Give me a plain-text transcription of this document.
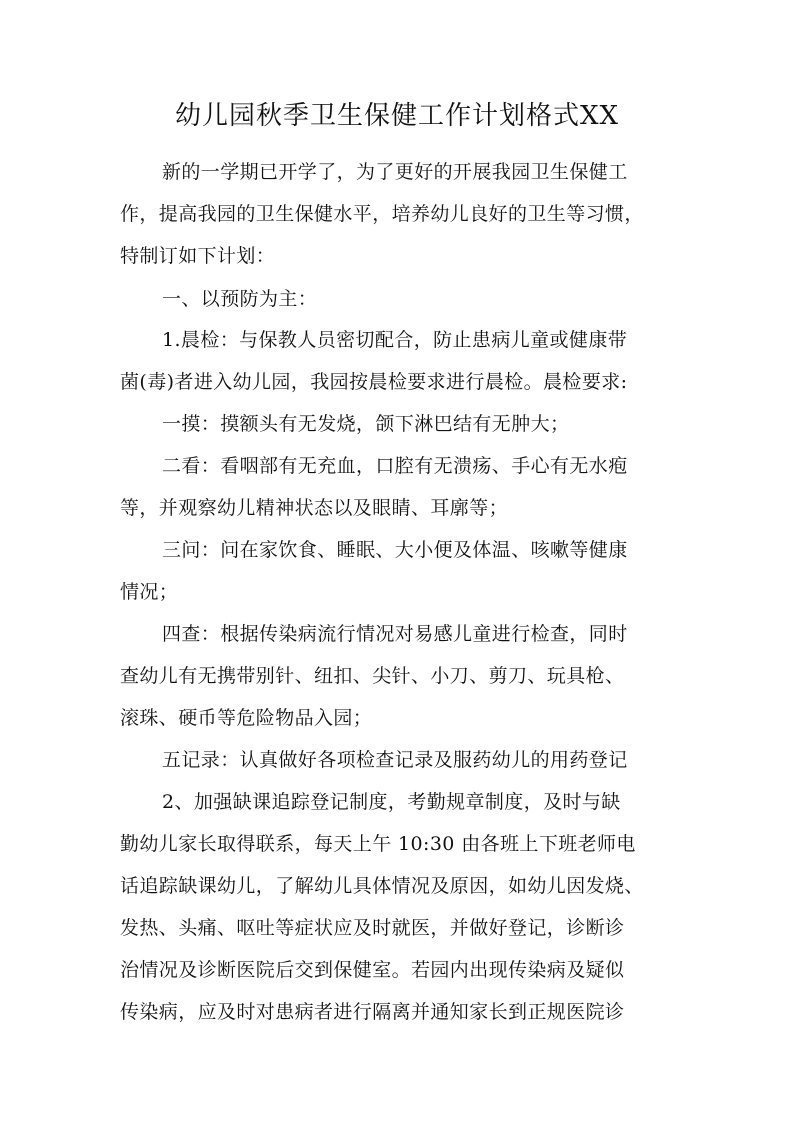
幼儿园秋季卫生保健工作计划格式XX
新的一学期已开学了，为了更好的开展我园卫生保健工
作，提高我园的卫生保健水平，培养幼儿良好的卫生等习惯，
特制订如下计划：
一、以预防为主：
1.晨检：与保教人员密切配合，防止患病儿童或健康带
菌(毒)者进入幼儿园，我园按晨检要求进行晨检。晨检要求:
一摸：摸额头有无发烧，颌下淋巴结有无肿大；
二看：看咽部有无充血，口腔有无溃疡、手心有无水疱
等，并观察幼儿精神状态以及眼睛、耳廓等；
三问：问在家饮食、睡眠、大小便及体温、咳嗽等健康
情况；
四查：根据传染病流行情况对易感儿童进行检查，同时
查幼儿有无携带别针、纽扣、尖针、小刀、剪刀、玩具枪、
滚珠、硬币等危险物品入园；
五记录：认真做好各项检查记录及服药幼儿的用药登记
2、加强缺课追踪登记制度，考勤规章制度，及时与缺
勤幼儿家长取得联系，每天上午 10:30 由各班上下班老师电
话追踪缺课幼儿，了解幼儿具体情况及原因，如幼儿因发烧、
发热、头痛、呕吐等症状应及时就医，并做好登记，诊断诊
治情况及诊断医院后交到保健室。若园内出现传染病及疑似
传染病，应及时对患病者进行隔离并通知家长到正规医院诊
